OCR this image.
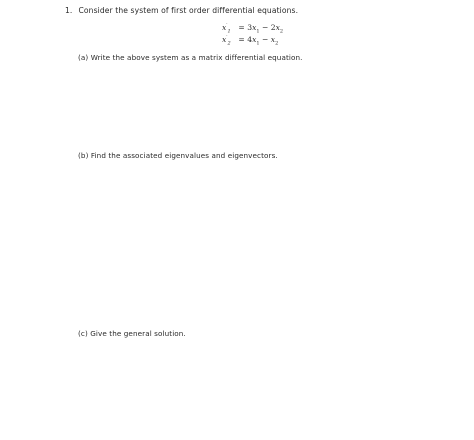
1. Consider the system of first order differential equations.
$x'_1 = 3x_1 - 2x_2$
$x'_2 = 4x_1 - x_2$
(a) Write the above system as a matrix differential equation.
(b) Find the associated eigenvalues and eigenvectors.
(c) Give the general solution.
